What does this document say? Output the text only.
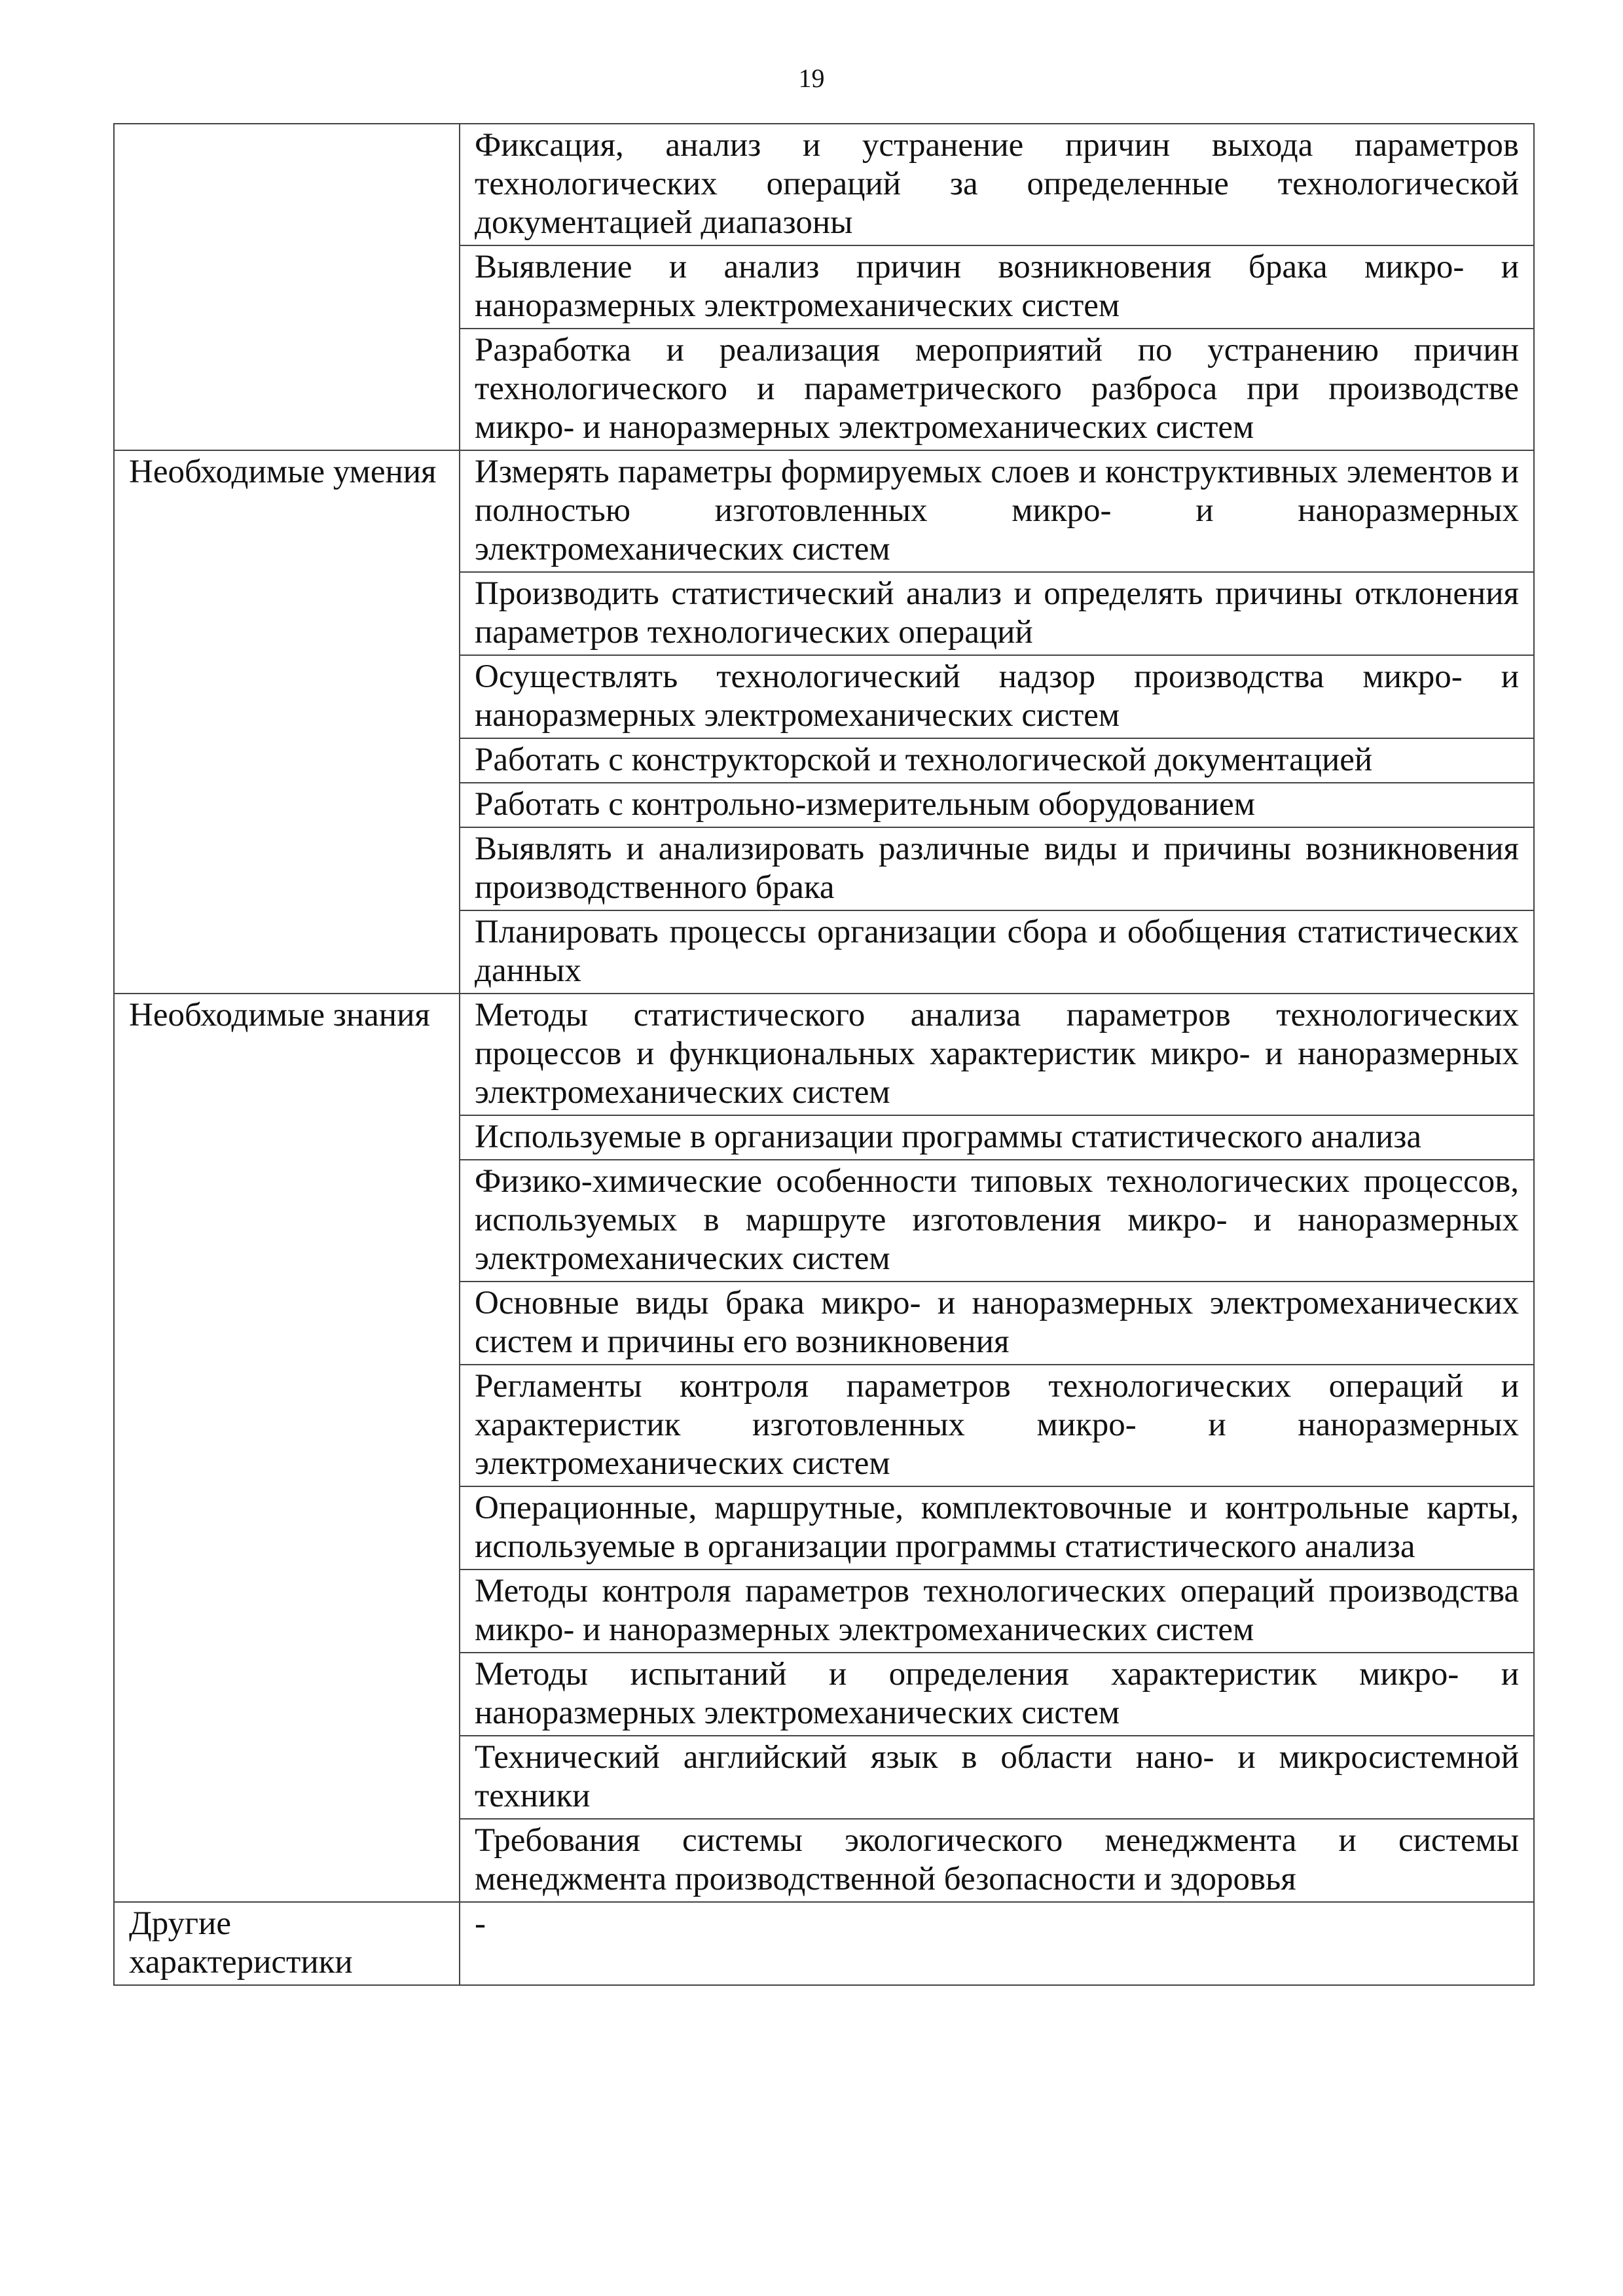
19
	Фиксация, анализ и устранение причин выхода параметров технологических операций за определенные технологической документацией диапазоны
	Выявление и анализ причин возникновения брака микро- и наноразмерных электромеханических систем
	Разработка и реализация мероприятий по устранению причин технологического и параметрического разброса при производстве микро- и наноразмерных электромеханических систем
Необходимые умения	Измерять параметры формируемых слоев и конструктивных элементов и полностью изготовленных микро- и наноразмерных электромеханических систем
	Производить статистический анализ и определять причины отклонения параметров технологических операций
	Осуществлять технологический надзор производства микро- и наноразмерных электромеханических систем
	Работать с конструкторской и технологической документацией
	Работать с контрольно-измерительным оборудованием
	Выявлять и анализировать различные виды и причины возникновения производственного брака
	Планировать процессы организации сбора и обобщения статистических данных
Необходимые знания	Методы статистического анализа параметров технологических процессов и функциональных характеристик микро- и наноразмерных электромеханических систем
	Используемые в организации программы статистического анализа
	Физико-химические особенности типовых технологических процессов, используемых в маршруте изготовления микро- и наноразмерных электромеханических систем
	Основные виды брака микро- и наноразмерных электромеханических систем и причины его возникновения
	Регламенты контроля параметров технологических операций и характеристик изготовленных микро- и наноразмерных электромеханических систем
	Операционные, маршрутные, комплектовочные и контрольные карты, используемые в организации программы статистического анализа
	Методы контроля параметров технологических операций производства микро- и наноразмерных электромеханических систем
	Методы испытаний и определения характеристик микро- и наноразмерных электромеханических систем
	Технический английский язык в области нано- и микросистемной техники
	Требования системы экологического менеджмента и системы менеджмента производственной безопасности и здоровья
Другие характеристики	-
